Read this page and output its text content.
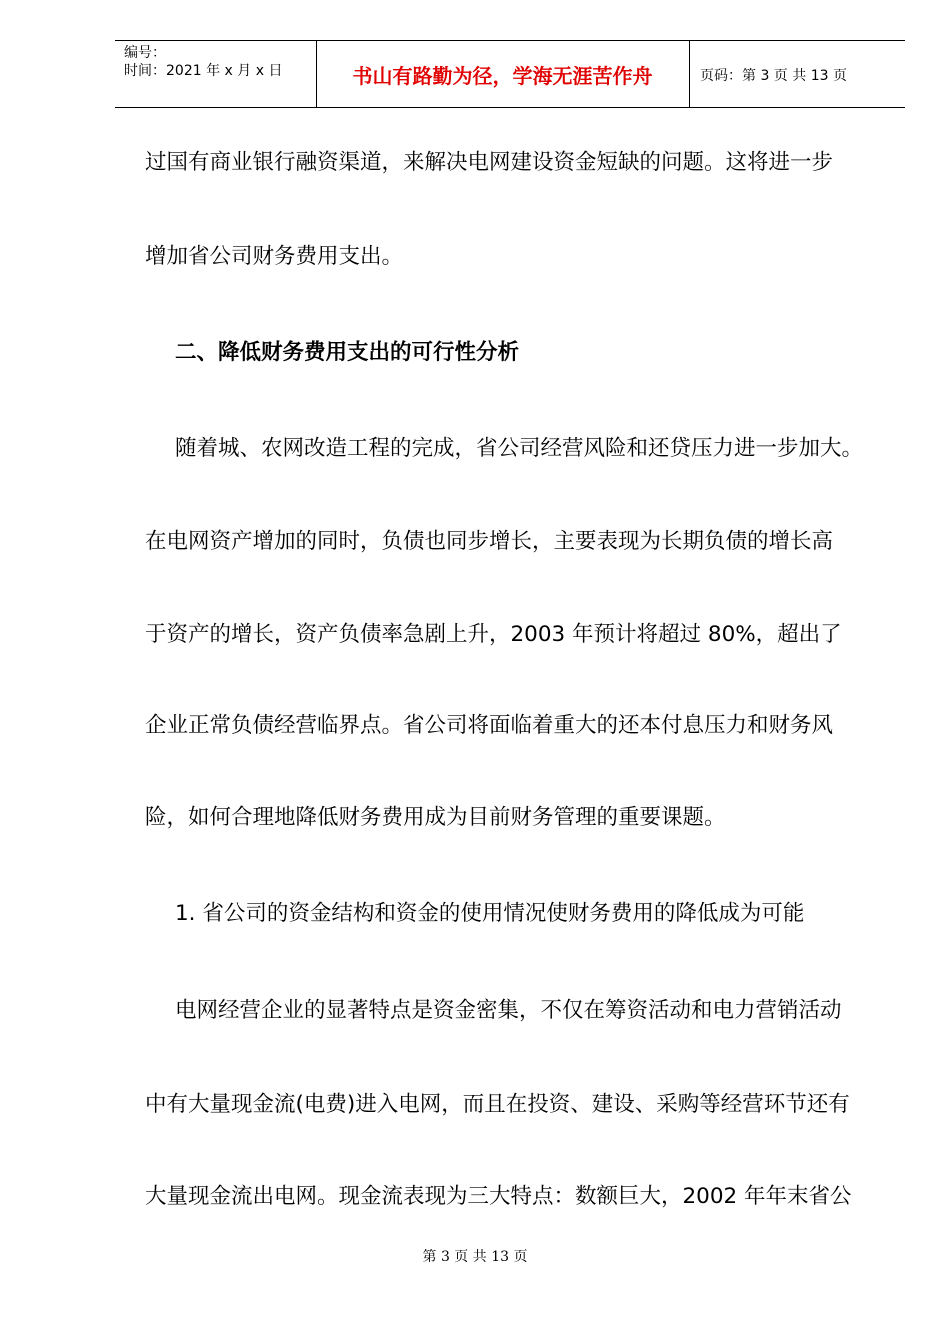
编号：
时间：2021 年 x 月 x 日	书山有路勤为径，学海无涯苦作舟	页码：第 3 页 共 13 页
过国有商业银行融资渠道，来解决电网建设资金短缺的问题。这将进一步
增加省公司财务费用支出。
二、降低财务费用支出的可行性分析
随着城、农网改造工程的完成，省公司经营风险和还贷压力进一步加大。
在电网资产增加的同时，负债也同步增长，主要表现为长期负债的增长高
于资产的增长，资产负债率急剧上升，2003 年预计将超过 80%，超出了
企业正常负债经营临界点。省公司将面临着重大的还本付息压力和财务风
险，如何合理地降低财务费用成为目前财务管理的重要课题。
1. 省公司的资金结构和资金的使用情况使财务费用的降低成为可能
电网经营企业的显著特点是资金密集，不仅在筹资活动和电力营销活动
中有大量现金流(电费)进入电网，而且在投资、建设、采购等经营环节还有
大量现金流出电网。现金流表现为三大特点：数额巨大，2002 年年末省公
第 3 页 共 13 页
